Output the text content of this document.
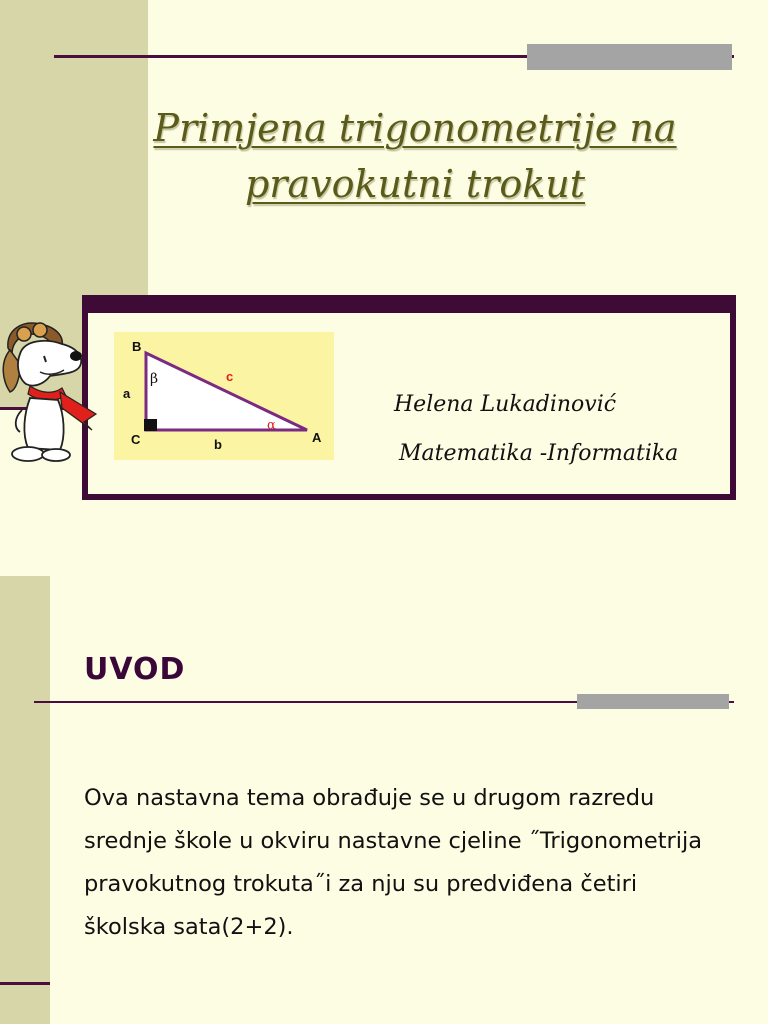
Primjena trigonometrije na pravokutni trokut
B
C	A
a
b
c
β
α
Helena Lukadinović
Matematika -Informatika
UVOD

Ova nastavna tema obrađuje se u drugom razredu srednje škole u okviru nastavne cjeline ˝Trigonometrija pravokutnog trokuta˝i za nju su predviđena četiri školska sata(2+2).
